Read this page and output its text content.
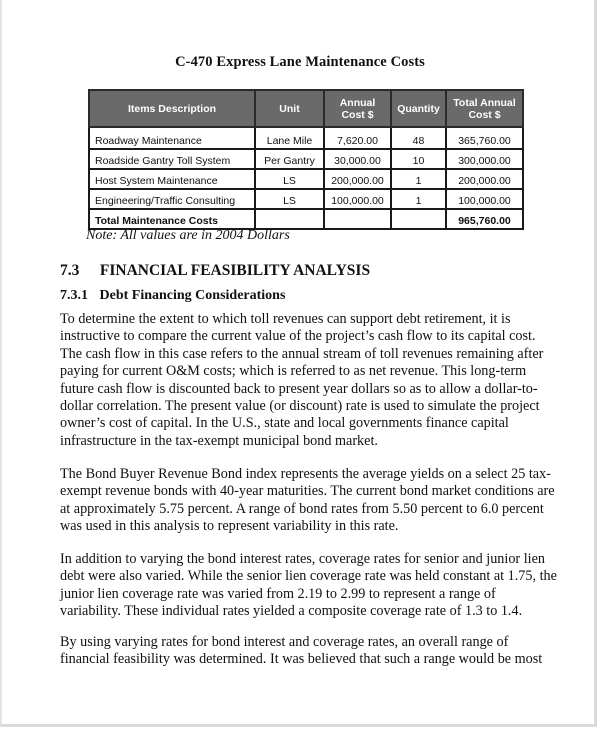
C-470 Express Lane Maintenance Costs
Items Description	Unit	Annual Cost $	Quantity	Total Annual Cost $
Roadway Maintenance	Lane Mile	7,620.00	48	365,760.00
Roadside Gantry Toll System	Per Gantry	30,000.00	10	300,000.00
Host System Maintenance	LS	200,000.00	1	200,000.00
Engineering/Traffic Consulting	LS	100,000.00	1	100,000.00
Total Maintenance Costs				965,760.00
Note: All values are in 2004 Dollars
7.3 FINANCIAL FEASIBILITY ANALYSIS
7.3.1 Debt Financing Considerations

To determine the extent to which toll revenues can support debt retirement, it is instructive to compare the current value of the project’s cash flow to its capital cost. The cash flow in this case refers to the annual stream of toll revenues remaining after paying for current O&M costs; which is referred to as net revenue. This long-term future cash flow is discounted back to present year dollars so as to allow a dollar-to-dollar correlation. The present value (or discount) rate is used to simulate the project owner’s cost of capital. In the U.S., state and local governments finance capital infrastructure in the tax-exempt municipal bond market.

The Bond Buyer Revenue Bond index represents the average yields on a select 25 tax-exempt revenue bonds with 40-year maturities. The current bond market conditions are at approximately 5.75 percent. A range of bond rates from 5.50 percent to 6.0 percent was used in this analysis to represent variability in this rate.

In addition to varying the bond interest rates, coverage rates for senior and junior lien debt were also varied. While the senior lien coverage rate was held constant at 1.75, the junior lien coverage rate was varied from 2.19 to 2.99 to represent a range of variability. These individual rates yielded a composite coverage rate of 1.3 to 1.4.

By using varying rates for bond interest and coverage rates, an overall range of financial feasibility was determined. It was believed that such a range would be most
